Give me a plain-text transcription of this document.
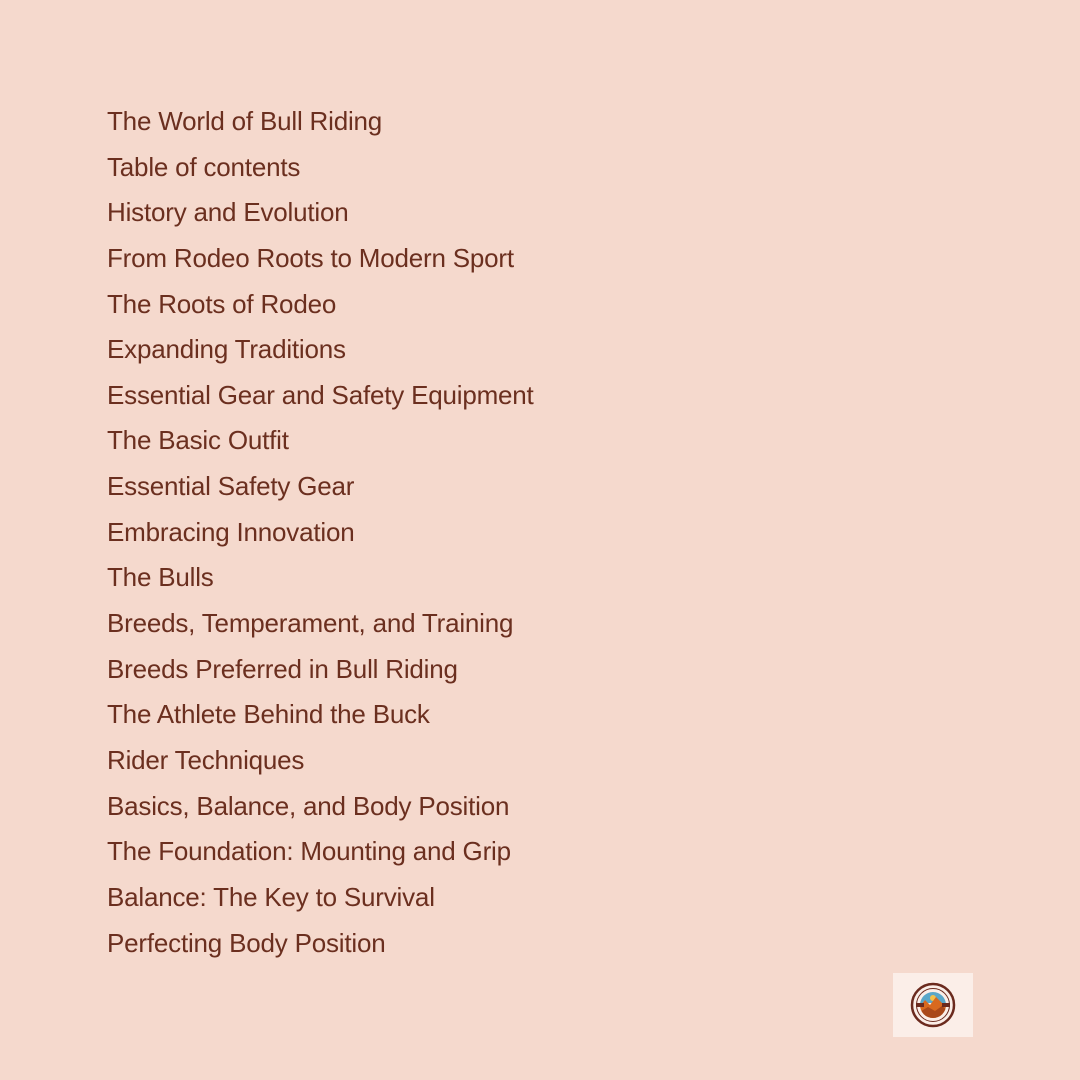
The World of Bull Riding
Table of contents
History and Evolution
From Rodeo Roots to Modern Sport
The Roots of Rodeo
Expanding Traditions
Essential Gear and Safety Equipment
The Basic Outfit
Essential Safety Gear
Embracing Innovation
The Bulls
Breeds, Temperament, and Training
Breeds Preferred in Bull Riding
The Athlete Behind the Buck
Rider Techniques
Basics, Balance, and Body Position
The Foundation: Mounting and Grip
Balance: The Key to Survival
Perfecting Body Position
